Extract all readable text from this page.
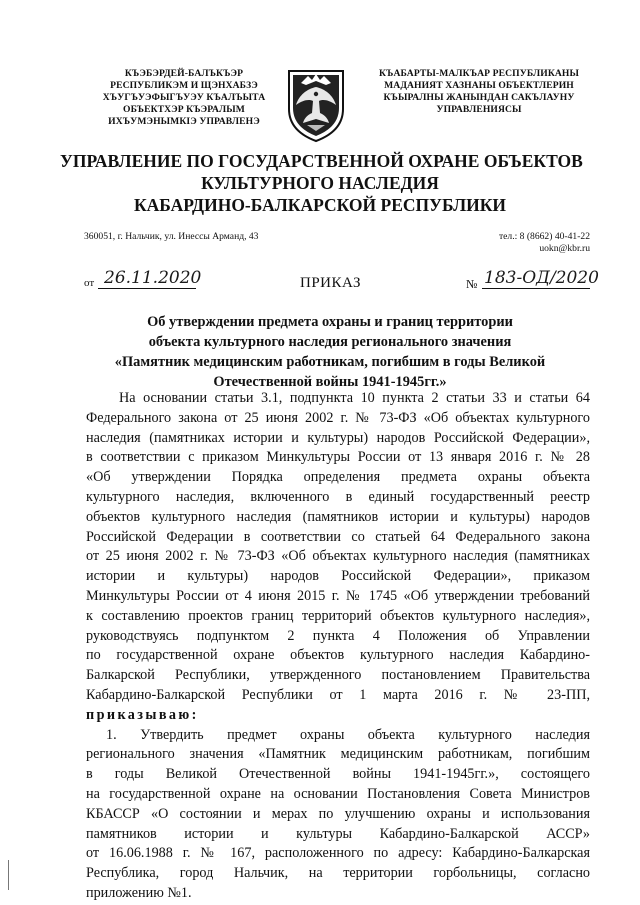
КЪЭБЭРДЕЙ-БАЛЪКЪЭР
РЕСПУБЛИКЭМ И ЩЭНХАБЗЭ
ХЪУГЪУЭФЫГЪУЭУ КЪАЛЪЫТА
ОБЪЕКТХЭР КЪЭРАЛЫМ
ИХЪУМЭНЫМКIЭ УПРАВЛЕНЭ
КЪАБАРТЫ-МАЛКЪАР РЕСПУБЛИКАНЫ
МАДАНИЯТ ХАЗНАНЫ ОБЪЕКТЛЕРИН
КЪЫРАЛНЫ ЖАНЫНДАН САКЪЛАУНУ
УПРАВЛЕНИЯСЫ
УПРАВЛЕНИЕ ПО ГОСУДАРСТВЕННОЙ ОХРАНЕ ОБЪЕКТОВ
КУЛЬТУРНОГО НАСЛЕДИЯ
КАБАРДИНО-БАЛКАРСКОЙ РЕСПУБЛИКИ
360051, г. Нальчик, ул. Инессы Арманд, 43	тел.: 8 (8662) 40-41-22
uokn@kbr.ru
от 26.11.2020	ПРИКАЗ	№ 183-ОД/2020
Об утверждении предмета охраны и границ территории
объекта культурного наследия регионального значения
«Памятник медицинским работникам, погибшим в годы Великой
Отечественной войны 1941-1945гг.»
На основании статьи 3.1, подпункта 10 пункта 2 статьи 33 и статьи 64
Федерального закона от 25 июня 2002 г. № 73-ФЗ «Об объектах культурного
наследия (памятниках истории и культуры) народов Российской Федерации»,
в соответствии с приказом Минкультуры России от 13 января 2016 г. № 28
«Об утверждении Порядка определения предмета охраны объекта
культурного наследия, включенного в единый государственный реестр
объектов культурного наследия (памятников истории и культуры) народов
Российской Федерации в соответствии со статьей 64 Федерального закона
от 25 июня 2002 г. № 73-ФЗ «Об объектах культурного наследия (памятниках
истории и культуры) народов Российской Федерации», приказом
Минкультуры России от 4 июня 2015 г. № 1745 «Об утверждении требований
к составлению проектов границ территорий объектов культурного наследия»,
руководствуясь подпунктом 2 пункта 4 Положения об Управлении
по государственной охране объектов культурного наследия Кабардино-
Балкарской Республики, утвержденного постановлением Правительства
Кабардино-Балкарской Республики от 1 марта 2016 г. № 23-ПП,
приказываю:
1. Утвердить предмет охраны объекта культурного наследия
регионального значения «Памятник медицинским работникам, погибшим
в годы Великой Отечественной войны 1941-1945гг.», состоящего
на государственной охране на основании Постановления Совета Министров
КБАССР «О состоянии и мерах по улучшению охраны и использования
памятников истории и культуры Кабардино-Балкарской АССР»
от 16.06.1988 г. № 167, расположенного по адресу: Кабардино-Балкарская
Республика, город Нальчик, на территории горбольницы, согласно
приложению №1.
